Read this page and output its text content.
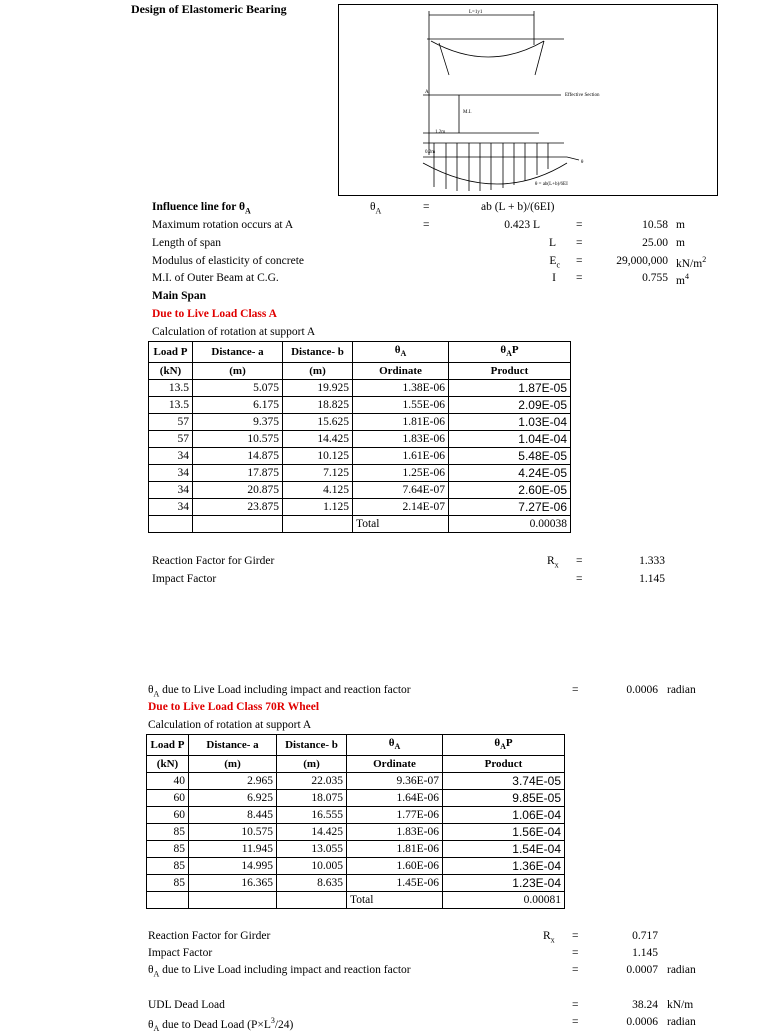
Design of Elastomeric Bearing	L=1y1
Effective Section
A
M.I.
1.2m
0.2m
θ
θ = ab(L+b)/6EI
Influence line for $\theta_A$	$\theta_A$	=	ab (L + b)/(6EI)
Maximum rotation occurs at A	=	0.423 L	=	10.58 m
Length of span	L =	25.00 m
Modulus of elasticity of concrete	$E_c$ =	29,000,000 $kN/m^2$
M.I. of Outer Beam at C.G.	I =	0.755 $m^4$
Main Span
Due to Live Load Class A
Calculation of rotation at support A
Load P	Distance- a	Distance- b	$\theta_A$	$\theta_AP$
(kN)	(m)	(m)	Ordinate	Product
13.5	5.075	19.925	1.38E-06	1.87E-05
13.5	6.175	18.825	1.55E-06	2.09E-05
57	9.375	15.625	1.81E-06	1.03E-04
57	10.575	14.425	1.83E-06	1.04E-04
34	14.875	10.125	1.61E-06	5.48E-05
34	17.875	7.125	1.25E-06	4.24E-05
34	20.875	4.125	7.64E-07	2.60E-05
34	23.875	1.125	2.14E-07	7.27E-06
			Total	0.00038
Reaction Factor for Girder	$R_x$ =	1.333
Impact Factor	=	1.145
$\theta_A$ due to Live Load including impact and reaction factor	=	0.0006 radian
Due to Live Load Class 70R Wheel
Calculation of rotation at support A
Load P	Distance- a	Distance- b	$\theta_A$	$\theta_AP$
(kN)	(m)	(m)	Ordinate	Product
40	2.965	22.035	9.36E-07	3.74E-05
60	6.925	18.075	1.64E-06	9.85E-05
60	8.445	16.555	1.77E-06	1.06E-04
85	10.575	14.425	1.83E-06	1.56E-04
85	11.945	13.055	1.81E-06	1.54E-04
85	14.995	10.005	1.60E-06	1.36E-04
85	16.365	8.635	1.45E-06	1.23E-04
			Total	0.00081
Reaction Factor for Girder	$R_x$ =	0.717
Impact Factor	=	1.145
$\theta_A$ due to Live Load including impact and reaction factor	=	0.0007 radian
UDL Dead Load	=	38.24 kN/m
$\theta_A$ due to Dead Load $(P\times L^3/24)$	=	0.0006 radian
